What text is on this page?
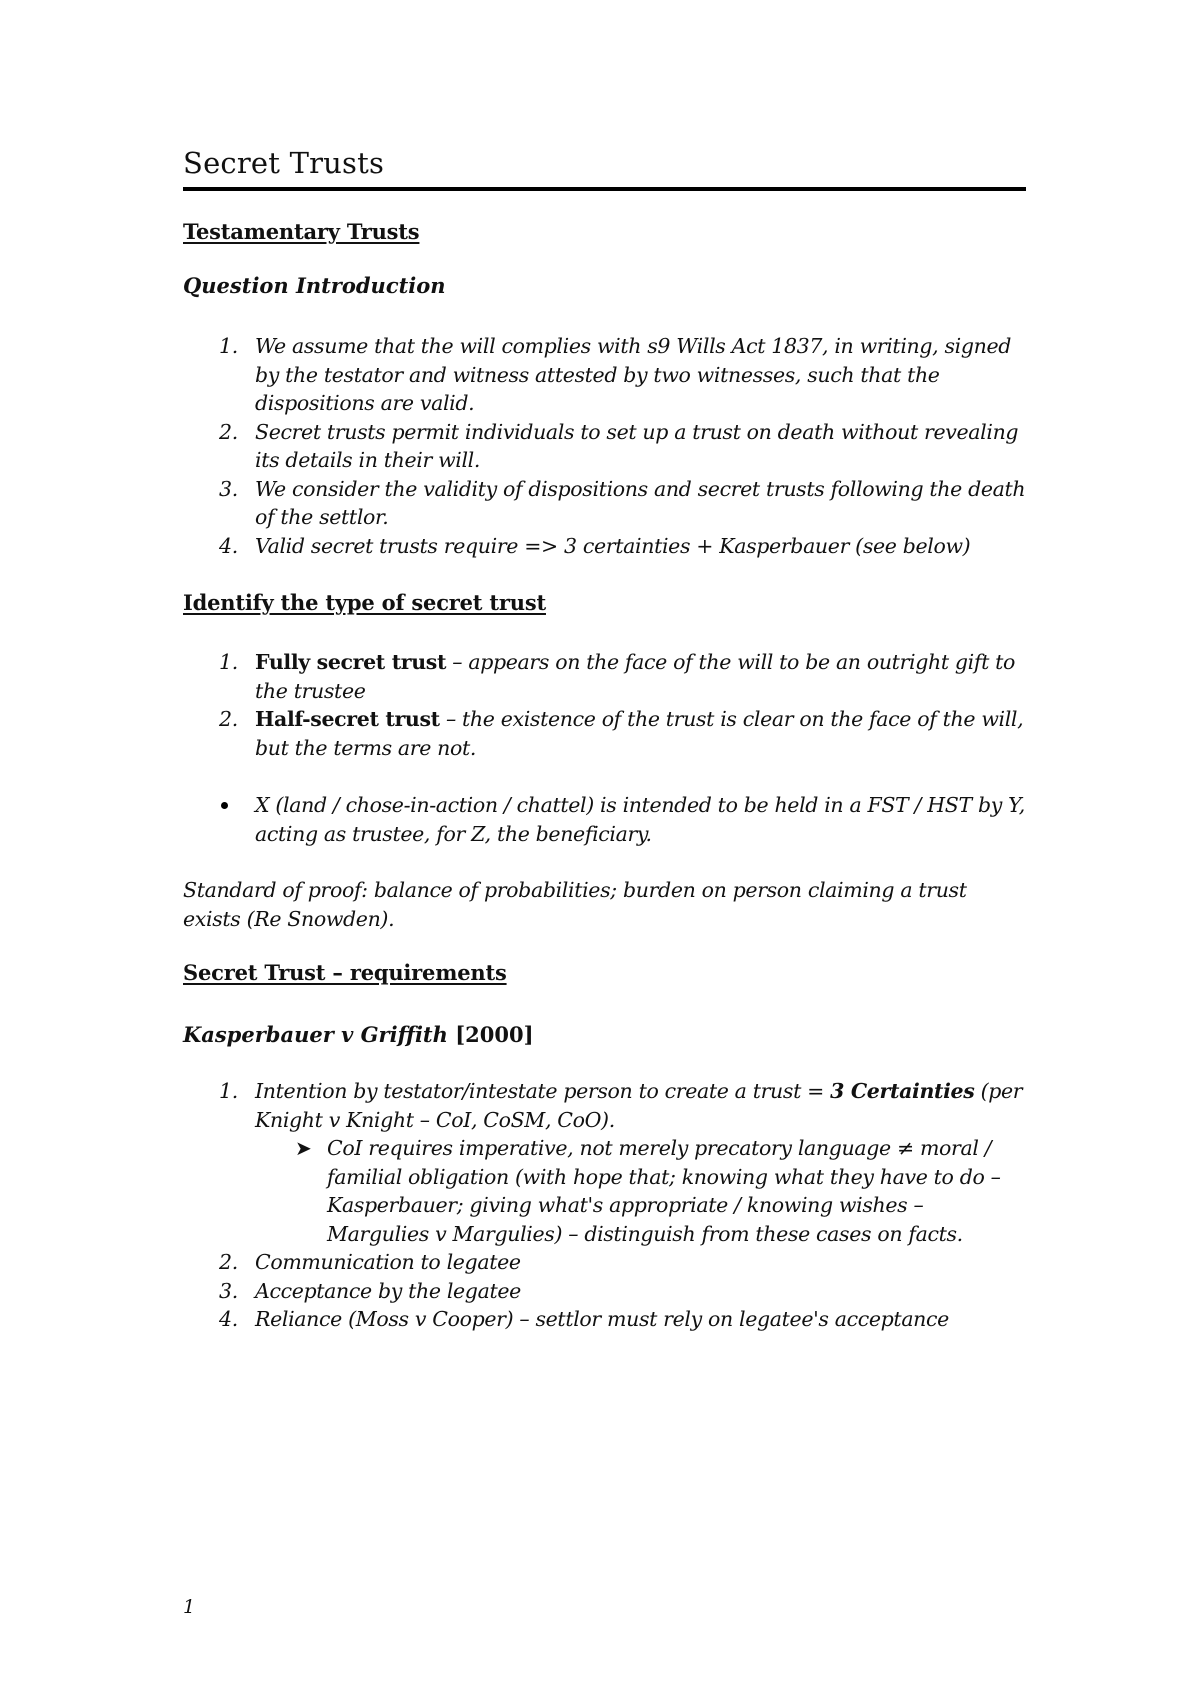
Secret Trusts
Testamentary Trusts
Question Introduction
1. We assume that the will complies with s9 Wills Act 1837, in writing, signed by the testator and witness attested by two witnesses, such that the dispositions are valid.
2. Secret trusts permit individuals to set up a trust on death without revealing its details in their will.
3. We consider the validity of dispositions and secret trusts following the death of the settlor.
4. Valid secret trusts require => 3 certainties + Kasperbauer (see below)
Identify the type of secret trust
1. Fully secret trust – appears on the face of the will to be an outright gift to the trustee
2. Half-secret trust – the existence of the trust is clear on the face of the will, but the terms are not.
X (land / chose-in-action / chattel) is intended to be held in a FST / HST by Y, acting as trustee, for Z, the beneficiary.

Standard of proof: balance of probabilities; burden on person claiming a trust exists (Re Snowden).

Secret Trust – requirements

Kasperbauer v Griffith [2000]

1. Intention by testator/intestate person to create a trust = 3 Certainties (per Knight v Knight – CoI, CoSM, CoO).
➤ CoI requires imperative, not merely precatory language ≠ moral / familial obligation (with hope that; knowing what they have to do – Kasperbauer; giving what's appropriate / knowing wishes – Margulies v Margulies) – distinguish from these cases on facts.
2. Communication to legatee
3. Acceptance by the legatee
4. Reliance (Moss v Cooper) – settlor must rely on legatee's acceptance
1
